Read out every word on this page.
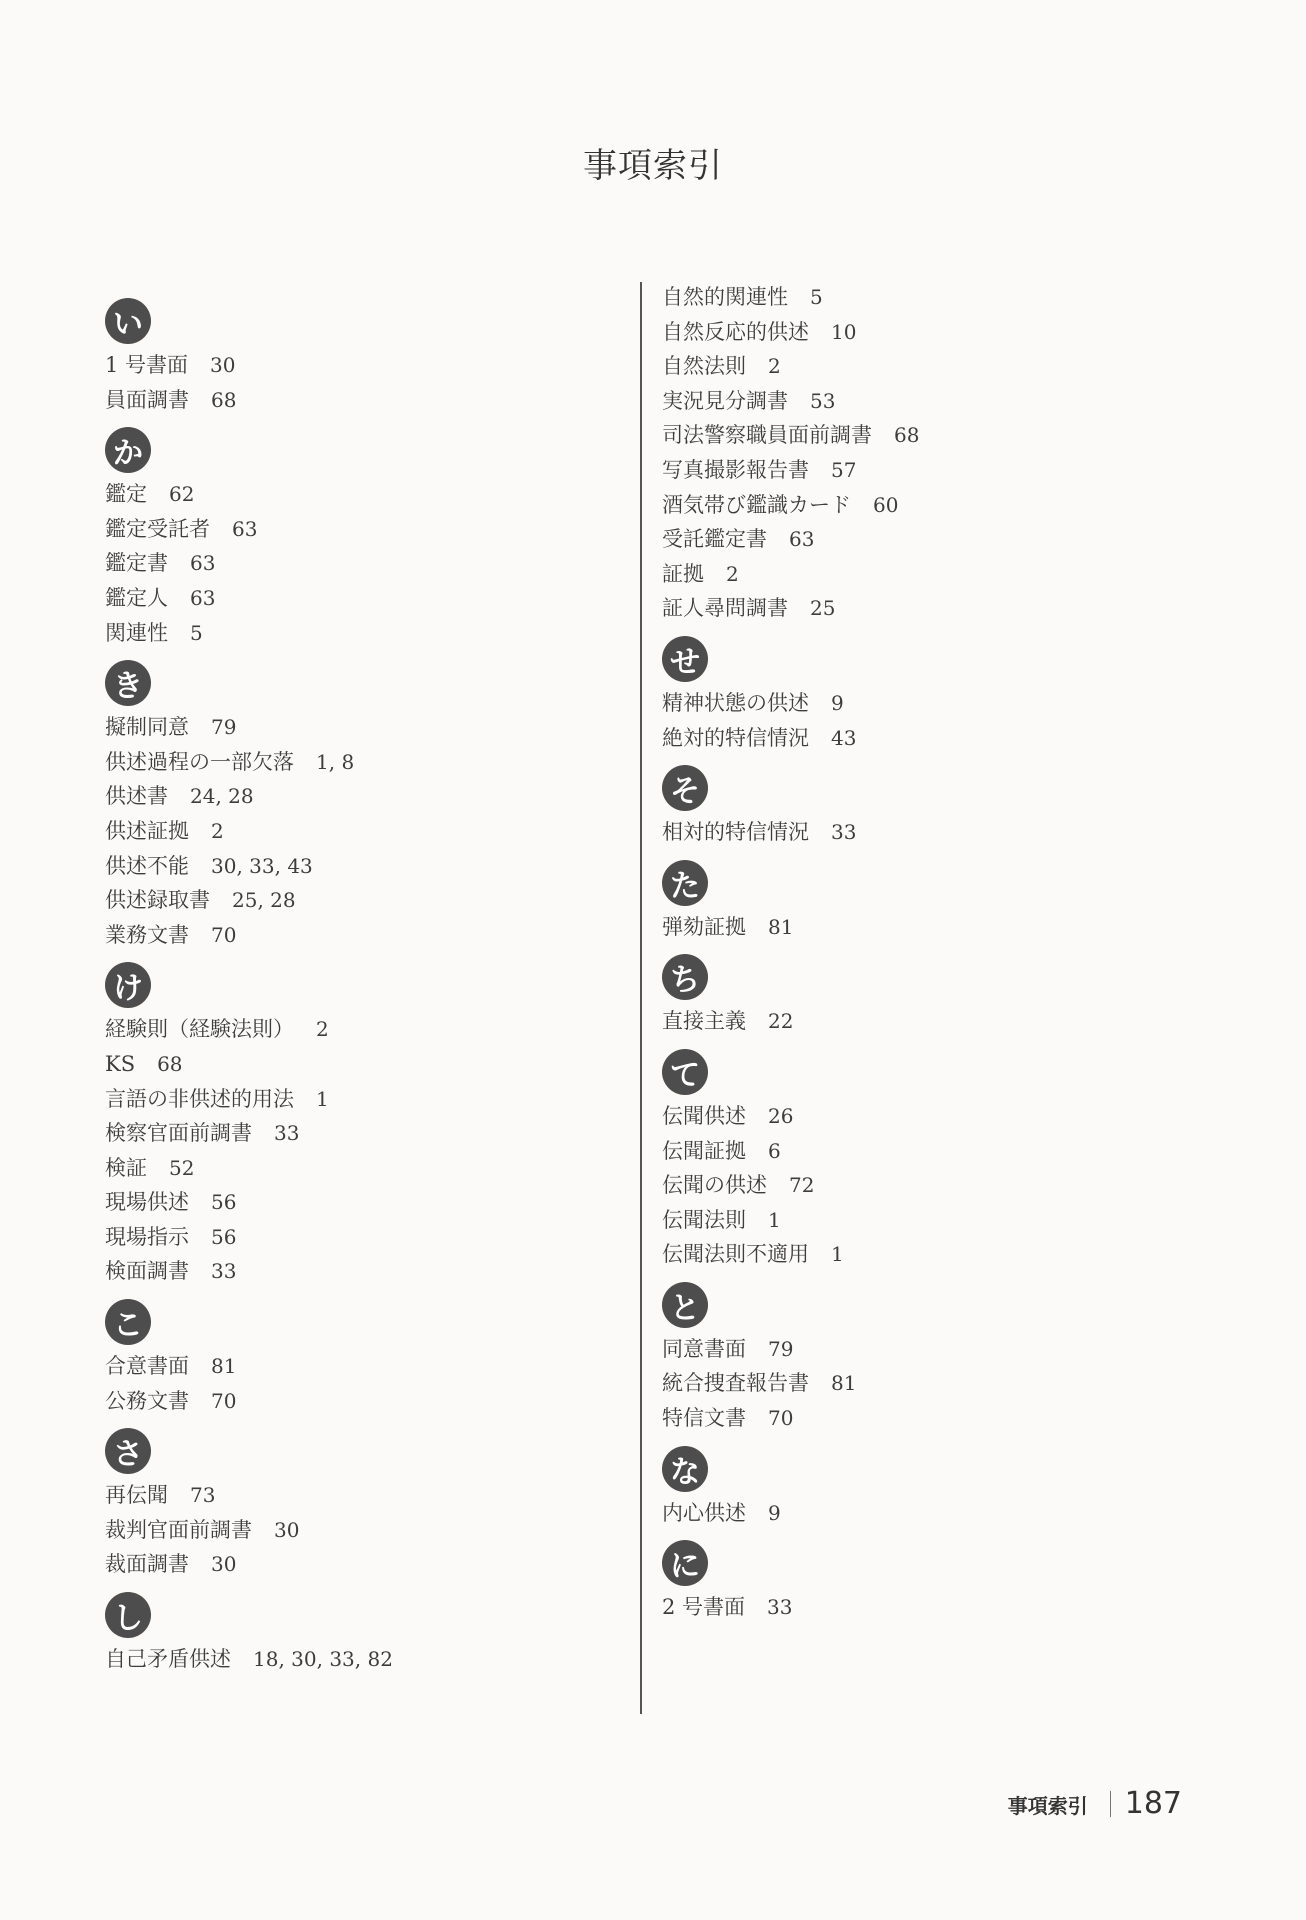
事項索引
い
1 号書面 30
員面調書 68
か
鑑定 62
鑑定受託者 63
鑑定書 63
鑑定人 63
関連性 5
き
擬制同意 79
供述過程の一部欠落 1, 8
供述書 24, 28
供述証拠 2
供述不能 30, 33, 43
供述録取書 25, 28
業務文書 70
け
経験則（経験法則） 2
KS 68
言語の非供述的用法 1
検察官面前調書 33
検証 52
現場供述 56
現場指示 56
検面調書 33
こ
合意書面 81
公務文書 70
さ
再伝聞 73
裁判官面前調書 30
裁面調書 30
し
自己矛盾供述 18, 30, 33, 82
自然的関連性 5
自然反応的供述 10
自然法則 2
実況見分調書 53
司法警察職員面前調書 68
写真撮影報告書 57
酒気帯び鑑識カード 60
受託鑑定書 63
証拠 2
証人尋問調書 25
せ
精神状態の供述 9
絶対的特信情況 43
そ
相対的特信情況 33
た
弾劾証拠 81
ち
直接主義 22
て
伝聞供述 26
伝聞証拠 6
伝聞の供述 72
伝聞法則 1
伝聞法則不適用 1
と
同意書面 79
統合捜査報告書 81
特信文書 70
な
内心供述 9
に
2 号書面 33
事項索引 187
